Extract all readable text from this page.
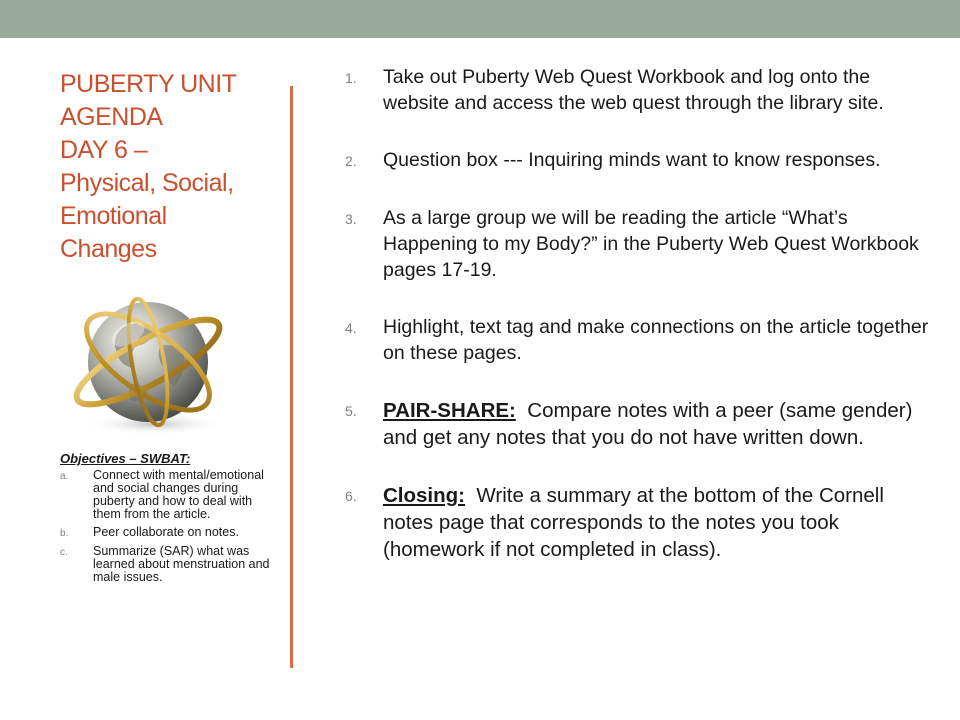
PUBERTY UNIT
AGENDA
DAY 6 –
Physical, Social,
Emotional
Changes
Objectives – SWBAT:
a.	Connect with mental/emotional and social changes during puberty and how to deal with them from the article.
b.	Peer collaborate on notes.
c.	Summarize (SAR) what was learned about menstruation and male issues.
1.	Take out Puberty Web Quest Workbook and log onto the website and access the web quest through the library site.
2.	Question box --- Inquiring minds want to know responses.
3.	As a large group we will be reading the article “What’s Happening to my Body?” in the Puberty Web Quest Workbook pages 17-19.
4.	Highlight, text tag and make connections on the article together on these pages.
5.	PAIR-SHARE:  Compare notes with a peer (same gender) and get any notes that you do not have written down.
6.	Closing:  Write a summary at the bottom of the Cornell notes page that corresponds to the notes you took (homework if not completed in class).
